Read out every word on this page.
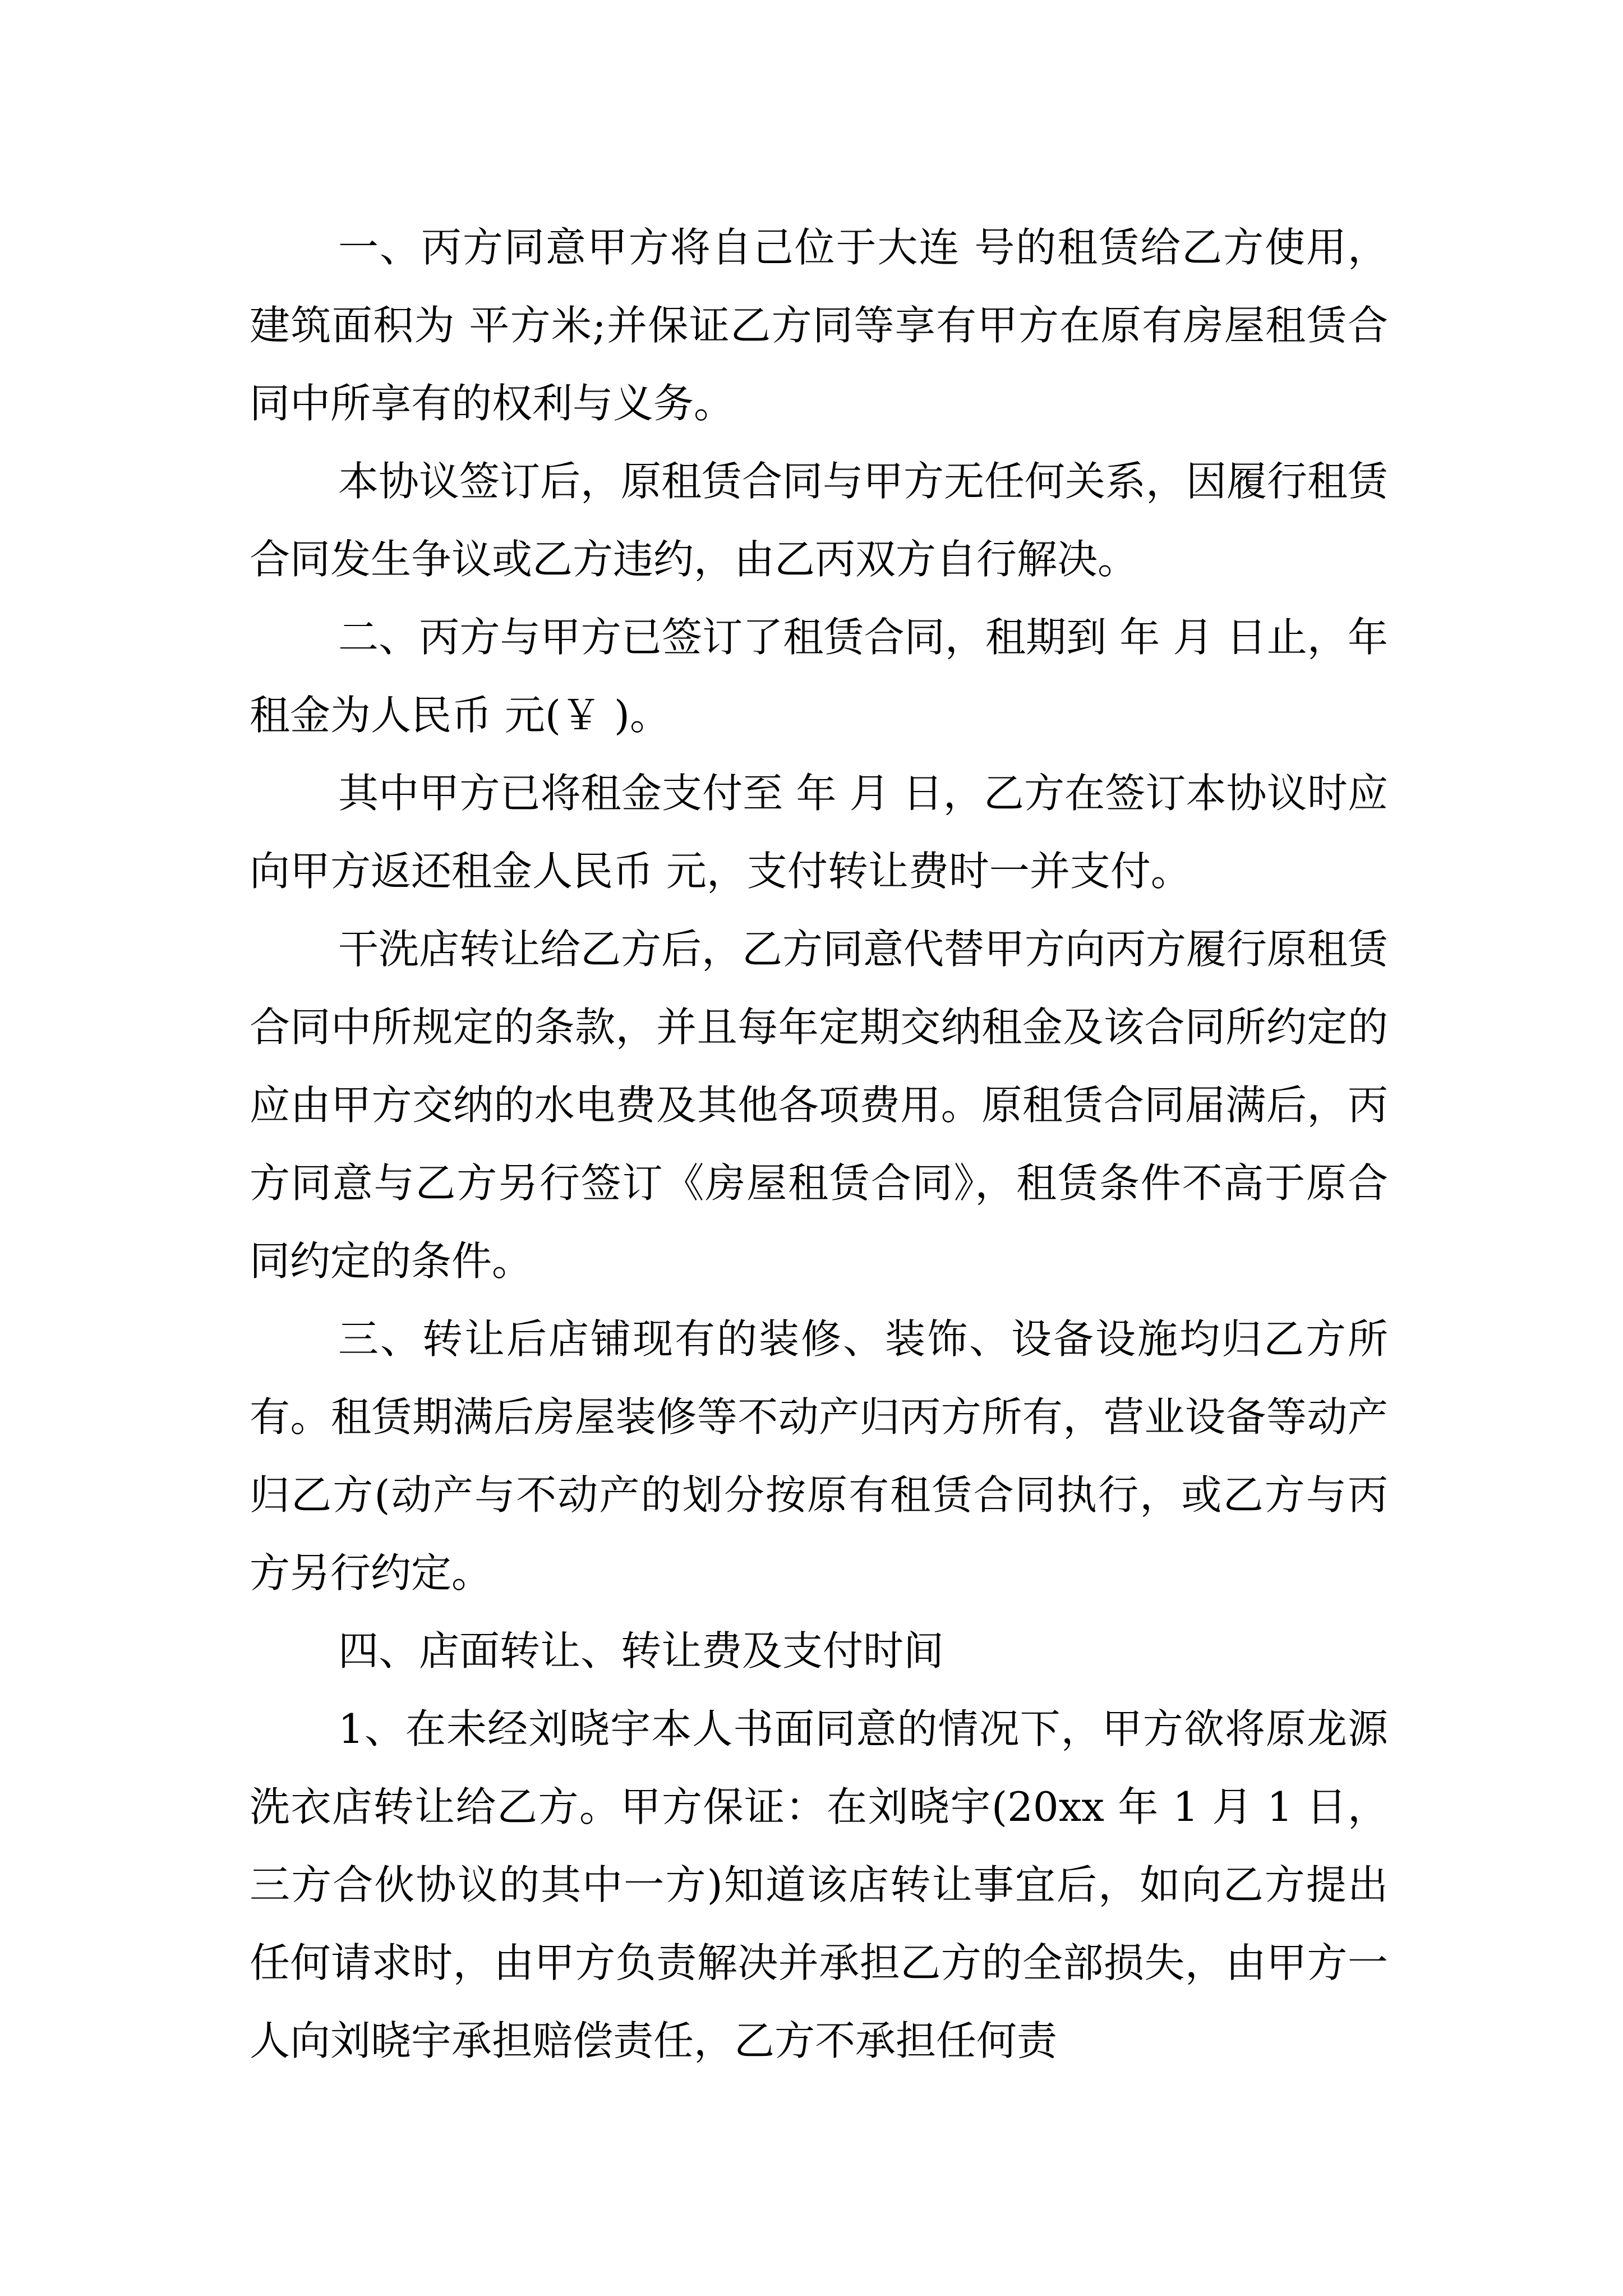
一、丙方同意甲方将自己位于大连 号的租赁给乙方使用，建筑面积为 平方米;并保证乙方同等享有甲方在原有房屋租赁合同中所享有的权利与义务。

本协议签订后，原租赁合同与甲方无任何关系，因履行租赁合同发生争议或乙方违约，由乙丙双方自行解决。

二、丙方与甲方已签订了租赁合同，租期到 年 月 日止，年租金为人民币 元(￥ )。

其中甲方已将租金支付至 年 月 日，乙方在签订本协议时应向甲方返还租金人民币 元，支付转让费时一并支付。

干洗店转让给乙方后，乙方同意代替甲方向丙方履行原租赁合同中所规定的条款，并且每年定期交纳租金及该合同所约定的应由甲方交纳的水电费及其他各项费用。原租赁合同届满后，丙方同意与乙方另行签订《房屋租赁合同》，租赁条件不高于原合同约定的条件。

三、转让后店铺现有的装修、装饰、设备设施均归乙方所有。租赁期满后房屋装修等不动产归丙方所有，营业设备等动产归乙方(动产与不动产的划分按原有租赁合同执行，或乙方与丙方另行约定。

四、店面转让、转让费及支付时间

1、在未经刘晓宇本人书面同意的情况下，甲方欲将原龙源洗衣店转让给乙方。甲方保证：在刘晓宇(20xx 年 1 月 1 日，三方合伙协议的其中一方)知道该店转让事宜后，如向乙方提出任何请求时，由甲方负责解决并承担乙方的全部损失，由甲方一人向刘晓宇承担赔偿责任，乙方不承担任何责
